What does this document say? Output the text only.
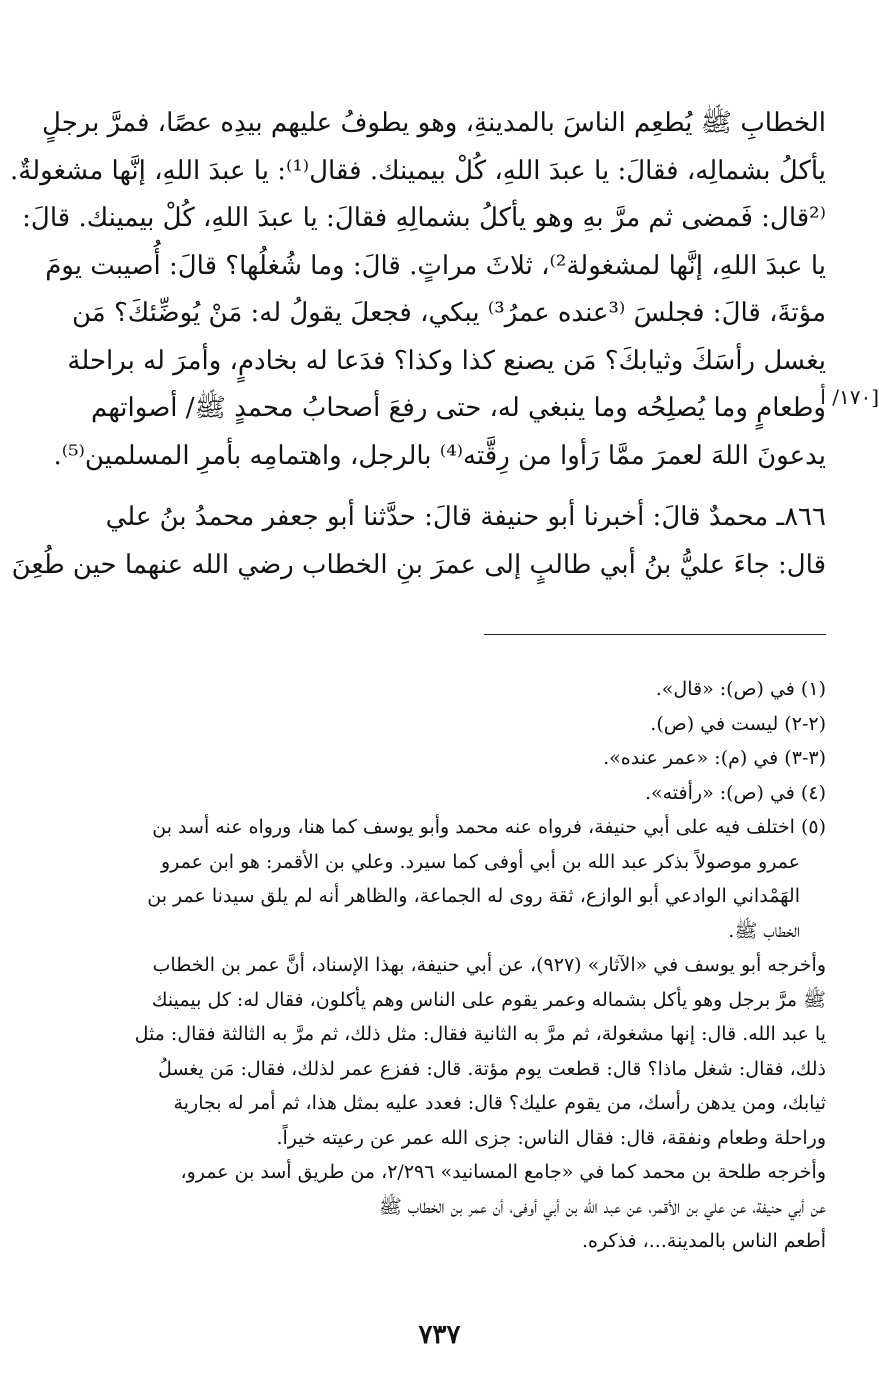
الخطابِ ﷺ يُطعِم الناسَ بالمدينةِ، وهو يطوفُ عليهم بيدِه عصًا، فمرَّ برجلٍ
يأكلُ بشمالِه، فقالَ: يا عبدَ اللهِ، كُلْ بيمينك. فقال⁽¹⁾: يا عبدَ اللهِ، إنَّها مشغولةٌ.
⁽²قال: فَمضى ثم مرَّ بهِ وهو يأكلُ بشمالِهِ فقالَ: يا عبدَ اللهِ، كُلْ بيمينك. قالَ:
يا عبدَ اللهِ، إنَّها لمشغولة²⁾، ثلاثَ مراتٍ. قالَ: وما شُغلُها؟ قالَ: أُصيبت يومَ
مؤتةَ، قالَ: فجلسَ ⁽³عنده عمرُ³⁾ يبكي، فجعلَ يقولُ له: مَنْ يُوضِّئكَ؟ مَن
يغسل رأسَكَ وثيابكَ؟ مَن يصنع كذا وكذا؟ فدَعا له بخادمٍ، وأمرَ له براحلة
وطعامٍ وما يُصلِحُه وما ينبغي له، حتى رفعَ أصحابُ محمدٍ ﷺ/ أصواتهم
يدعونَ اللهَ لعمرَ ممَّا رَأوا من رِقَّته⁽⁴⁾ بالرجل، واهتمامِه بأمرِ المسلمين⁽⁵⁾.

٨٦٦ـ محمدٌ قالَ: أخبرنا أبو حنيفة قالَ: حدَّثنا أبو جعفر محمدُ بنُ علي
قال: جاءَ عليُّ بنُ أبي طالبٍ إلى عمرَ بنِ الخطاب رضي الله عنهما حين طُعِنَ

[١٧٠/ أ
(١) في (ص): «قال».
(٢-٢) ليست في (ص).
(٣-٣) في (م): «عمر عنده».
(٤) في (ص): «رأفته».
(٥) اختلف فيه على أبي حنيفة، فرواه عنه محمد وأبو يوسف كما هنا، ورواه عنه أسد بن
عمرو موصولاً بذكر عبد الله بن أبي أوفى كما سيرد. وعلي بن الأقمر: هو ابن عمرو
الهَمْداني الوادعي أبو الوازع، ثقة روى له الجماعة، والظاهر أنه لم يلق سيدنا عمر بن
الخطاب ﷺ.
وأخرجه أبو يوسف في «الآثار» (٩٢٧)، عن أبي حنيفة، بهذا الإسناد، أنَّ عمر بن الخطاب
ﷺ مرَّ برجل وهو يأكل بشماله وعمر يقوم على الناس وهم يأكلون، فقال له: كل بيمينك
يا عبد الله. قال: إنها مشغولة، ثم مرَّ به الثانية فقال: مثل ذلك، ثم مرَّ به الثالثة فقال: مثل
ذلك، فقال: شغل ماذا؟ قال: قطعت يوم مؤتة. قال: ففزع عمر لذلك، فقال: مَن يغسلُ
ثيابك، ومن يدهن رأسك، من يقوم عليك؟ قال: فعدد عليه بمثل هذا، ثم أمر له بجارية
وراحلة وطعام ونفقة، قال: فقال الناس: جزى الله عمر عن رعيته خيراً.
وأخرجه طلحة بن محمد كما في «جامع المسانيد» ٢/٢٩٦، من طريق أسد بن عمرو،
عن أبي حنيفة، عن علي بن الأقمر، عن عبد الله بن أبي أوفى، أن عمر بن الخطاب ﷺ
أطعم الناس بالمدينة...، فذكره.
٧٣٧
